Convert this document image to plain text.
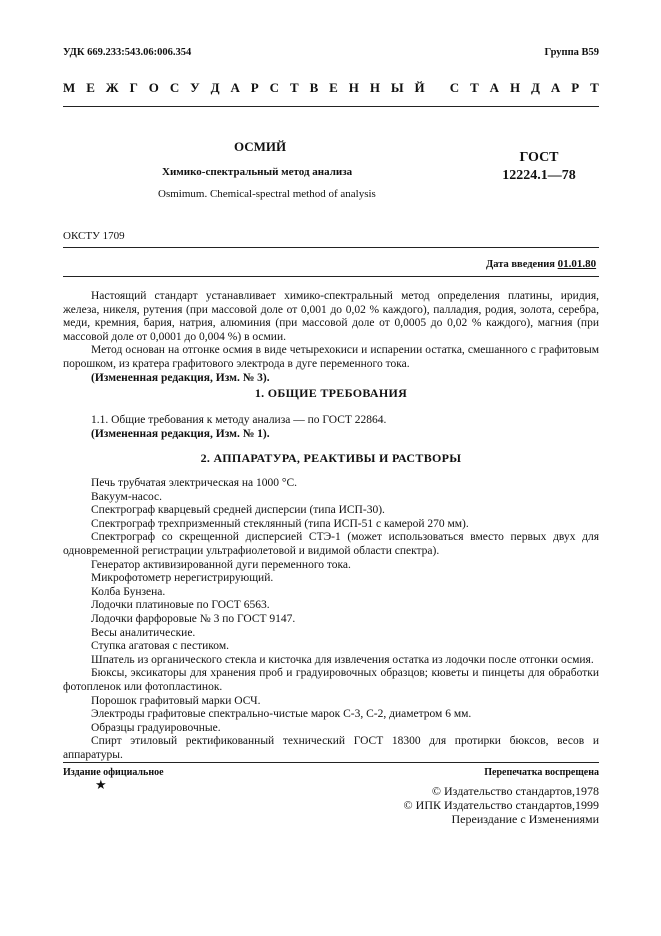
УДК 669.233:543.06:006.354	Группа В59
М Е Ж Г О С У Д А Р С Т В Е Н Н Ы Й
С Т А Н Д А Р Т
ОСМИЙ
Химико-спектральный метод анализа
Osmimum. Chemical-spectral method of analysis
ГОСТ
12224.1—78
ОКСТУ 1709
Дата введения 01.01.80

Настоящий стандарт устанавливает химико-спектральный метод определения платины, иридия, железа, никеля, рутения (при массовой доле от 0,001 до 0,02 % каждого), палладия, родия, золота, серебра, меди, кремния, бария, натрия, алюминия (при массовой доле от 0,0005 до 0,02 % каждого), магния (при массовой доле от 0,0001 до 0,004 %) в осмии.

Метод основан на отгонке осмия в виде четырехокиси и испарении остатка, смешанного с графитовым порошком, из кратера графитового электрода в дуге переменного тока.

(Измененная редакция, Изм. № 3).

1. ОБЩИЕ ТРЕБОВАНИЯ

1.1. Общие требования к методу анализа — по ГОСТ 22864.

(Измененная редакция, Изм. № 1).

2. АППАРАТУРА, РЕАКТИВЫ И РАСТВОРЫ

Печь трубчатая электрическая на 1000 °С.

Вакуум-насос.

Спектрограф кварцевый средней дисперсии (типа ИСП-30).

Спектрограф трехпризменный стеклянный (типа ИСП-51 с камерой 270 мм).

Спектрограф со скрещенной дисперсией СТЭ-1 (может использоваться вместо первых двух для одновременной регистрации ультрафиолетовой и видимой области спектра).

Генератор активизированной дуги переменного тока.

Микрофотометр нерегистрирующий.

Колба Бунзена.

Лодочки платиновые по ГОСТ 6563.

Лодочки фарфоровые № 3 по ГОСТ 9147.

Весы аналитические.

Ступка агатовая с пестиком.

Шпатель из органического стекла и кисточка для извлечения остатка из лодочки после отгонки осмия.

Бюксы, эксикаторы для хранения проб и градуировочных образцов; кюветы и пинцеты для обработки фотопленок или фотопластинок.

Порошок графитовый марки ОСЧ.

Электроды графитовые спектрально-чистые марок С-3, С-2, диаметром 6 мм.

Образцы градуировочные.

Спирт этиловый ректификованный технический ГОСТ 18300 для протирки бюксов, весов и аппаратуры.

Издание официальное
★
Перепечатка воспрещена
© Издательство стандартов,1978
© ИПК Издательство стандартов,1999
Переиздание с Изменениями
